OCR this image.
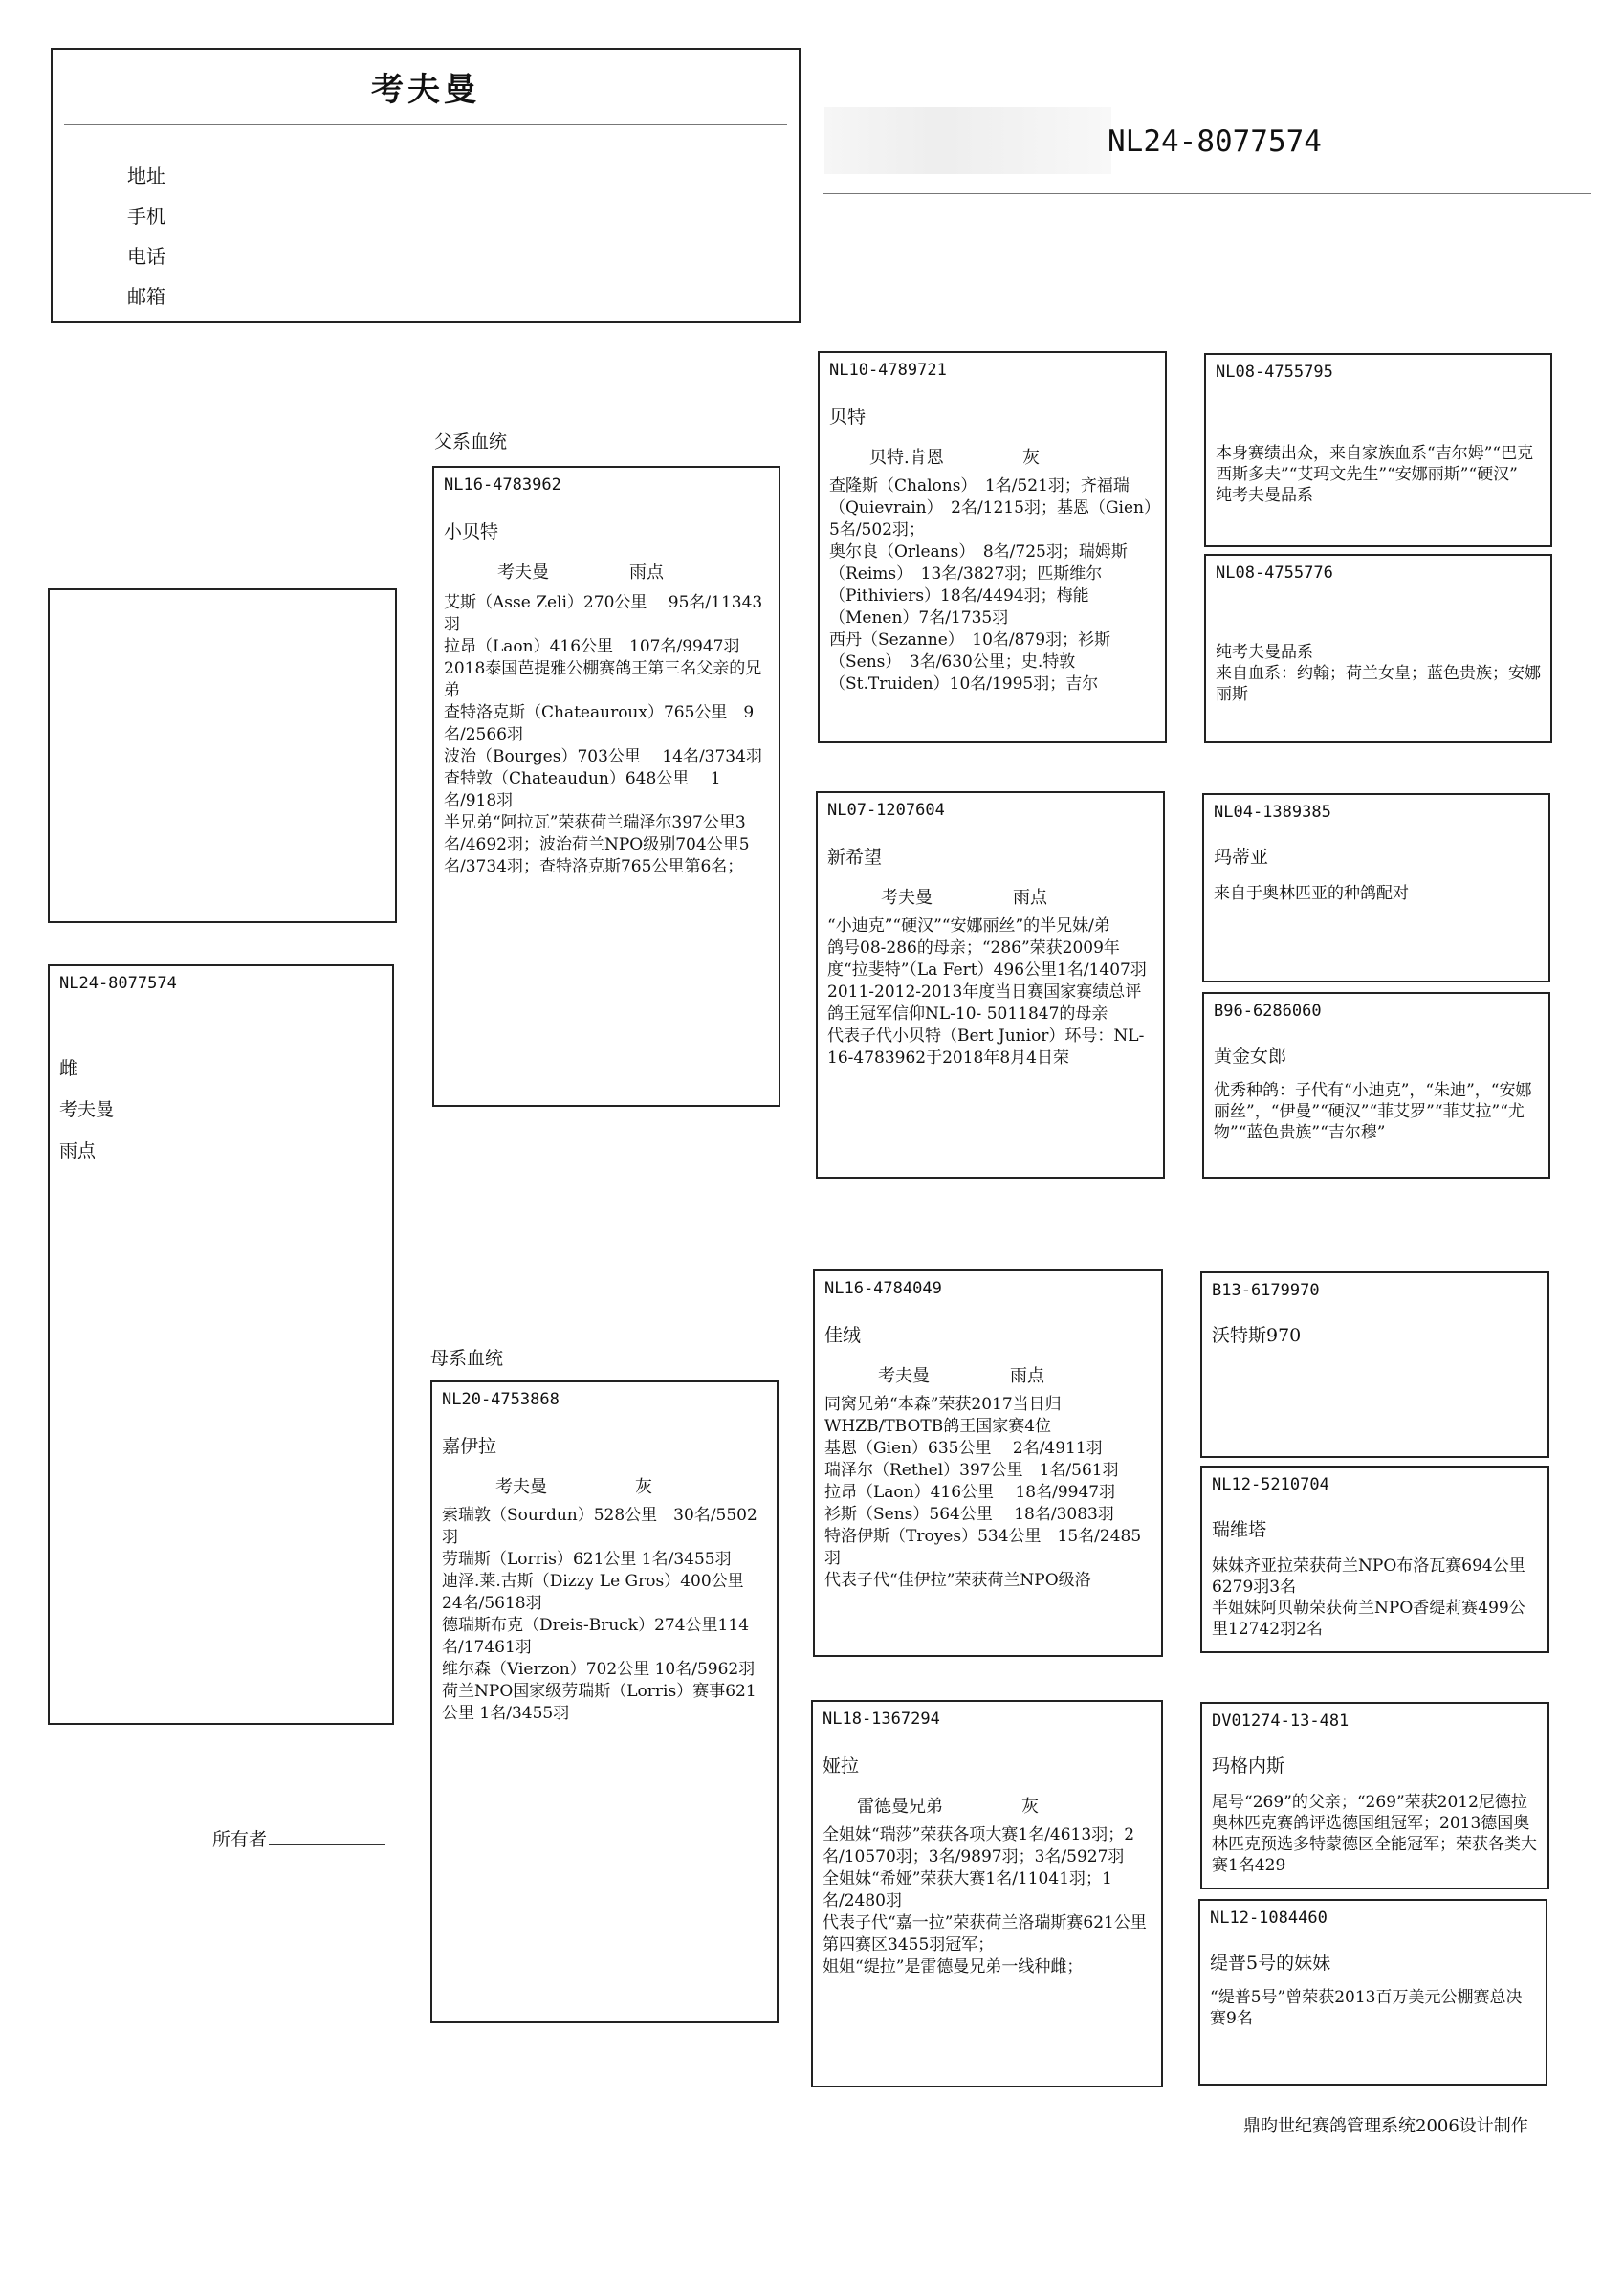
考夫曼
地址
手机
电话
邮箱
NL24-8077574
NL24-8077574
雌
考夫曼
雨点
所有者
父系血统
母系血统
NL16-4783962
小贝特
考夫曼	雨点
艾斯（Asse Zeli）270公里　 95名/11343羽
拉昂（Laon）416公里　107名/9947羽
2018泰国芭提雅公棚赛鸽王第三名父亲的兄弟
查特洛克斯（Chateauroux）765公里　9名/2566羽
波治（Bourges）703公里　 14名/3734羽
查特敦（Chateaudun）648公里　 1名/918羽
半兄弟“阿拉瓦”荣获荷兰瑞泽尔397公里3名/4692羽；波治荷兰NPO级别704公里5名/3734羽；查特洛克斯765公里第6名；
NL20-4753868
嘉伊拉
考夫曼	灰
索瑞敦（Sourdun）528公里　30名/5502羽
劳瑞斯（Lorris）621公里 1名/3455羽
迪泽.莱.古斯（Dizzy Le Gros）400公里 24名/5618羽
德瑞斯布克（Dreis-Bruck）274公里114名/17461羽
维尔森（Vierzon）702公里 10名/5962羽
荷兰NPO国家级劳瑞斯（Lorris）赛事621公里 1名/3455羽
NL10-4789721
贝特
贝特.肯恩	灰
查隆斯（Chalons）　1名/521羽；齐福瑞（Quievrain）　2名/1215羽；基恩（Gien）5名/502羽；
奥尔良（Orleans）　8名/725羽；瑞姆斯（Reims）　13名/3827羽；匹斯维尔（Pithiviers）18名/4494羽；梅能（Menen）7名/1735羽
西丹（Sezanne）　10名/879羽；衫斯（Sens）　3名/630公里；史.特敦（St.Truiden）10名/1995羽；吉尔
NL07-1207604
新希望
考夫曼	雨点
“小迪克”“硬汉”“安娜丽丝”的半兄妹/弟
鸽号08-286的母亲；“286”荣获2009年度“拉斐特”（La Fert）496公里1名/1407羽
2011-2012-2013年度当日赛国家赛绩总评鸽王冠军信仰NL-10- 5011847的母亲
代表子代小贝特（Bert Junior）环号：NL-16-4783962于2018年8月4日荣
NL16-4784049
佳绒
考夫曼	雨点
同窝兄弟“本森”荣获2017当日归WHZB/TBOTB鸽王国家赛4位
基恩（Gien）635公里　 2名/4911羽
瑞泽尔（Rethel）397公里　1名/561羽
拉昂（Laon）416公里　 18名/9947羽
衫斯（Sens）564公里　 18名/3083羽
特洛伊斯（Troyes）534公里　15名/2485羽
代表子代“佳伊拉”荣获荷兰NPO级洛
NL18-1367294
娅拉
雷德曼兄弟	灰
全姐妹“瑞莎”荣获各项大赛1名/4613羽；2名/10570羽；3名/9897羽；3名/5927羽
全姐妹“希娅”荣获大赛1名/11041羽；1名/2480羽
代表子代“嘉一拉”荣获荷兰洛瑞斯赛621公里第四赛区3455羽冠军；
姐姐“缇拉”是雷德曼兄弟一线种雌；
NL08-4755795
本身赛绩出众，来自家族血系“吉尔姆”“巴克西斯多夫”“艾玛文先生”“安娜丽斯”“硬汉”
纯考夫曼品系
NL08-4755776
纯考夫曼品系
来自血系：约翰；荷兰女皇；蓝色贵族；安娜丽斯
NL04-1389385
玛蒂亚
来自于奥林匹亚的种鸽配对
B96-6286060
黄金女郎
优秀种鸽：子代有“小迪克”，“朱迪”，“安娜丽丝”，“伊曼”“硬汉”“菲艾罗”“菲艾拉”“尤物”“蓝色贵族”“吉尔穆”
B13-6179970
沃特斯970
NL12-5210704
瑞维塔
妹妹齐亚拉荣获荷兰NPO布洛瓦赛694公里6279羽3名
半姐妹阿贝勒荣获荷兰NPO香缇莉赛499公里12742羽2名
DV01274-13-481
玛格内斯
尾号“269”的父亲；“269”荣获2012尼德拉奥林匹克赛鸽评选德国组冠军；2013德国奥林匹克预选多特蒙德区全能冠军；荣获各类大赛1名429
NL12-1084460
缇普5号的妹妹
“缇普5号”曾荣获2013百万美元公棚赛总决赛9名
鼎昀世纪赛鸽管理系统2006设计制作
